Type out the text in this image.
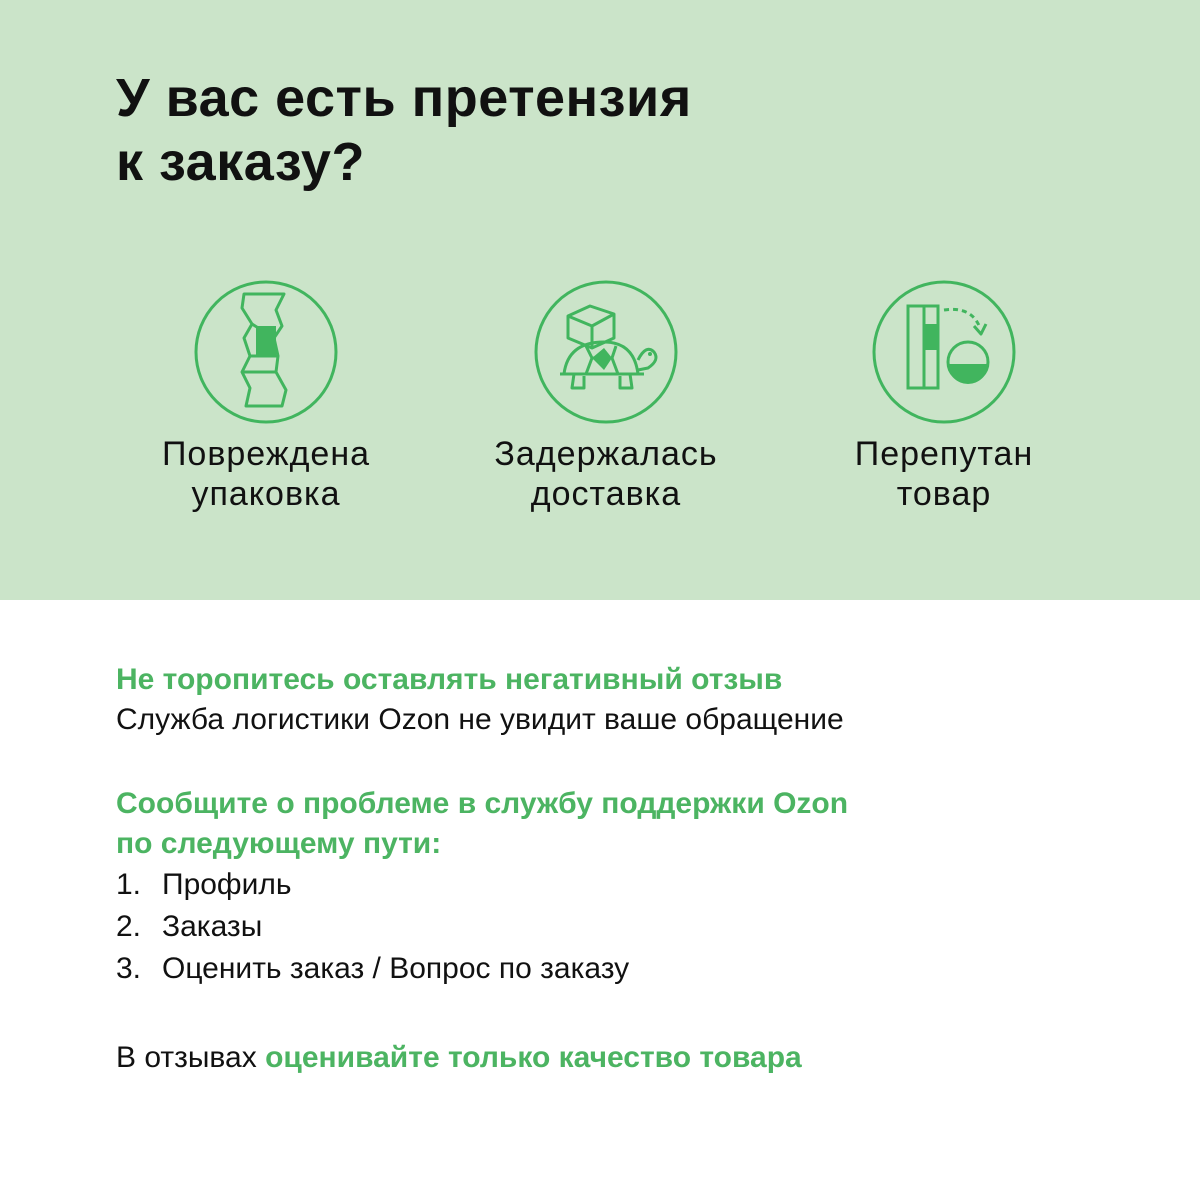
У вас есть претензия
к заказу?
Повреждена
упаковка
Задержалась
доставка
Перепутан
товар
Не торопитесь оставлять негативный отзыв
Служба логистики Ozon не увидит ваше обращение
Сообщите о проблеме в службу поддержки Ozon
по следующему пути:
1. Профиль
2. Заказы
3. Оценить заказ / Вопрос по заказу
В отзывах оценивайте только качество товара
